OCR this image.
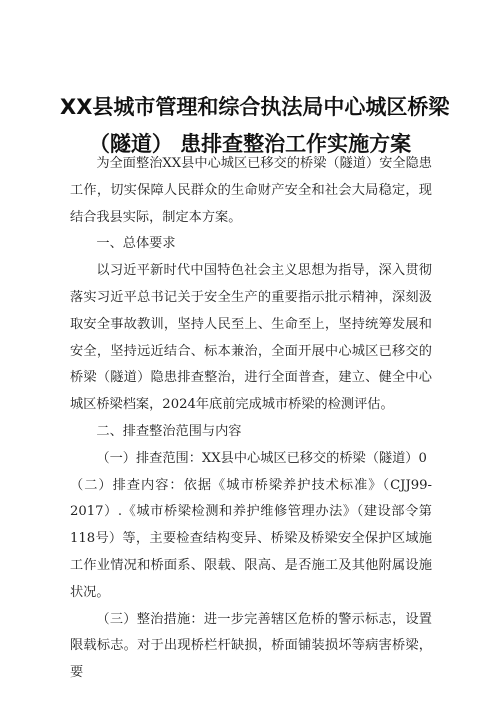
XX县城市管理和综合执法局中心城区桥梁
（隧道） 患排查整治工作实施方案

为全面整治XX县中心城区已移交的桥梁（隧道）安全隐患工作，切实保障人民群众的生命财产安全和社会大局稳定，现结合我县实际，制定本方案。

一、总体要求

以习近平新时代中国特色社会主义思想为指导，深入贯彻落实习近平总书记关于安全生产的重要指示批示精神，深刻汲取安全事故教训，坚持人民至上、生命至上，坚持统筹发展和安全，坚持远近结合、标本兼治，全面开展中心城区已移交的桥梁（隧道）隐患排查整治，进行全面普查，建立、健全中心城区桥梁档案，2024年底前完成城市桥梁的检测评估。

二、排查整治范围与内容

（一）排查范围：XX县中心城区已移交的桥梁（隧道）0

（二）排查内容：依据《城市桥梁养护技术标准》（CJJ99-2017）.《城市桥梁检测和养护维修管理办法》（建设部令第118号）等，主要检查结构变异、桥梁及桥梁安全保护区域施工作业情况和桥面系、限载、限高、是否施工及其他附属设施状况。

（三）整治措施：进一步完善辖区危桥的警示标志，设置限载标志。对于出现桥栏杆缺损，桥面铺装损坏等病害桥梁，要
